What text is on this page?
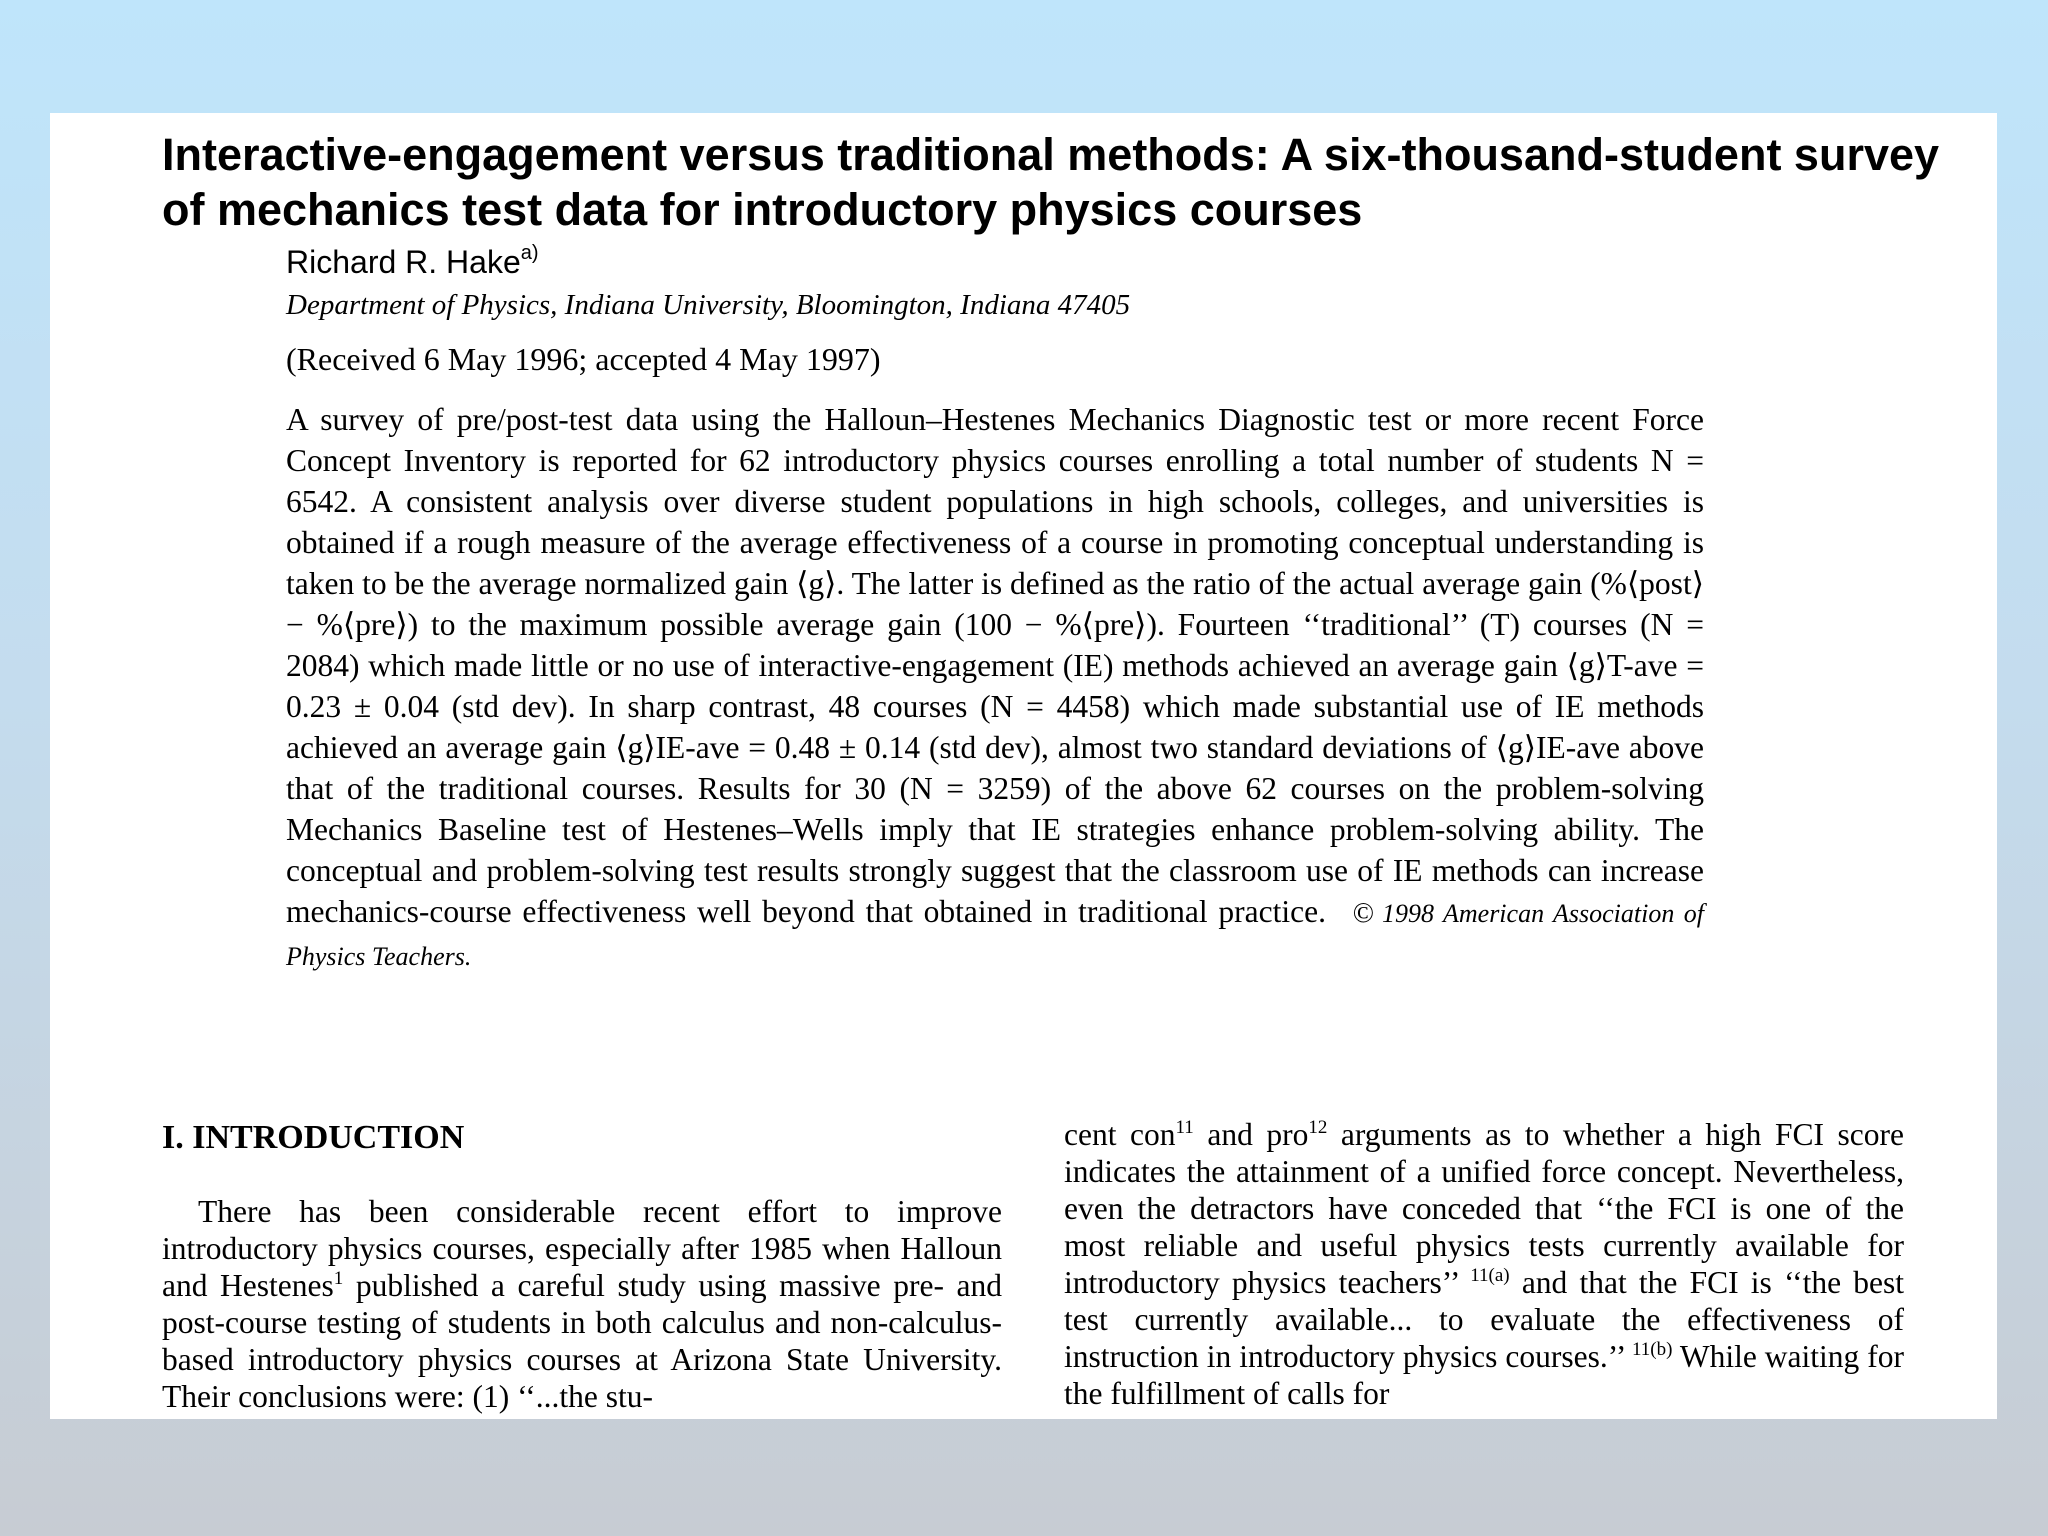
Interactive-engagement versus traditional methods: A six-thousand-student survey of mechanics test data for introductory physics courses
Richard R. Hake$^{a)}$
Department of Physics, Indiana University, Bloomington, Indiana 47405
(Received 6 May 1996; accepted 4 May 1997)
A survey of pre/post-test data using the Halloun–Hestenes Mechanics Diagnostic test or more recent Force Concept Inventory is reported for 62 introductory physics courses enrolling a total number of students N = 6542. A consistent analysis over diverse student populations in high schools, colleges, and universities is obtained if a rough measure of the average effectiveness of a course in promoting conceptual understanding is taken to be the average normalized gain ⟨g⟩. The latter is defined as the ratio of the actual average gain (%⟨post⟩ − %⟨pre⟩) to the maximum possible average gain (100 − %⟨pre⟩). Fourteen ‘‘traditional’’ (T) courses (N = 2084) which made little or no use of interactive-engagement (IE) methods achieved an average gain ⟨g⟩T-ave = 0.23 ± 0.04 (std dev). In sharp contrast, 48 courses (N = 4458) which made substantial use of IE methods achieved an average gain ⟨g⟩IE-ave = 0.48 ± 0.14 (std dev), almost two standard deviations of ⟨g⟩IE-ave above that of the traditional courses. Results for 30 (N = 3259) of the above 62 courses on the problem-solving Mechanics Baseline test of Hestenes–Wells imply that IE strategies enhance problem-solving ability. The conceptual and problem-solving test results strongly suggest that the classroom use of IE methods can increase mechanics-course effectiveness well beyond that obtained in traditional practice. © 1998 American Association of Physics Teachers.
I. INTRODUCTION
There has been considerable recent effort to improve introductory physics courses, especially after 1985 when Halloun and Hestenes$^1$ published a careful study using massive pre- and post-course testing of students in both calculus and non-calculus-based introductory physics courses at Arizona State University. Their conclusions were: (1) ‘‘...the stu-
cent con$^{11}$ and pro$^{12}$ arguments as to whether a high FCI score indicates the attainment of a unified force concept. Nevertheless, even the detractors have conceded that ‘‘the FCI is one of the most reliable and useful physics tests currently available for introductory physics teachers’’ $^{11(a)}$ and that the FCI is ‘‘the best test currently available... to evaluate the effectiveness of instruction in introductory physics courses.’’ $^{11(b)}$ While waiting for the fulfillment of calls for
